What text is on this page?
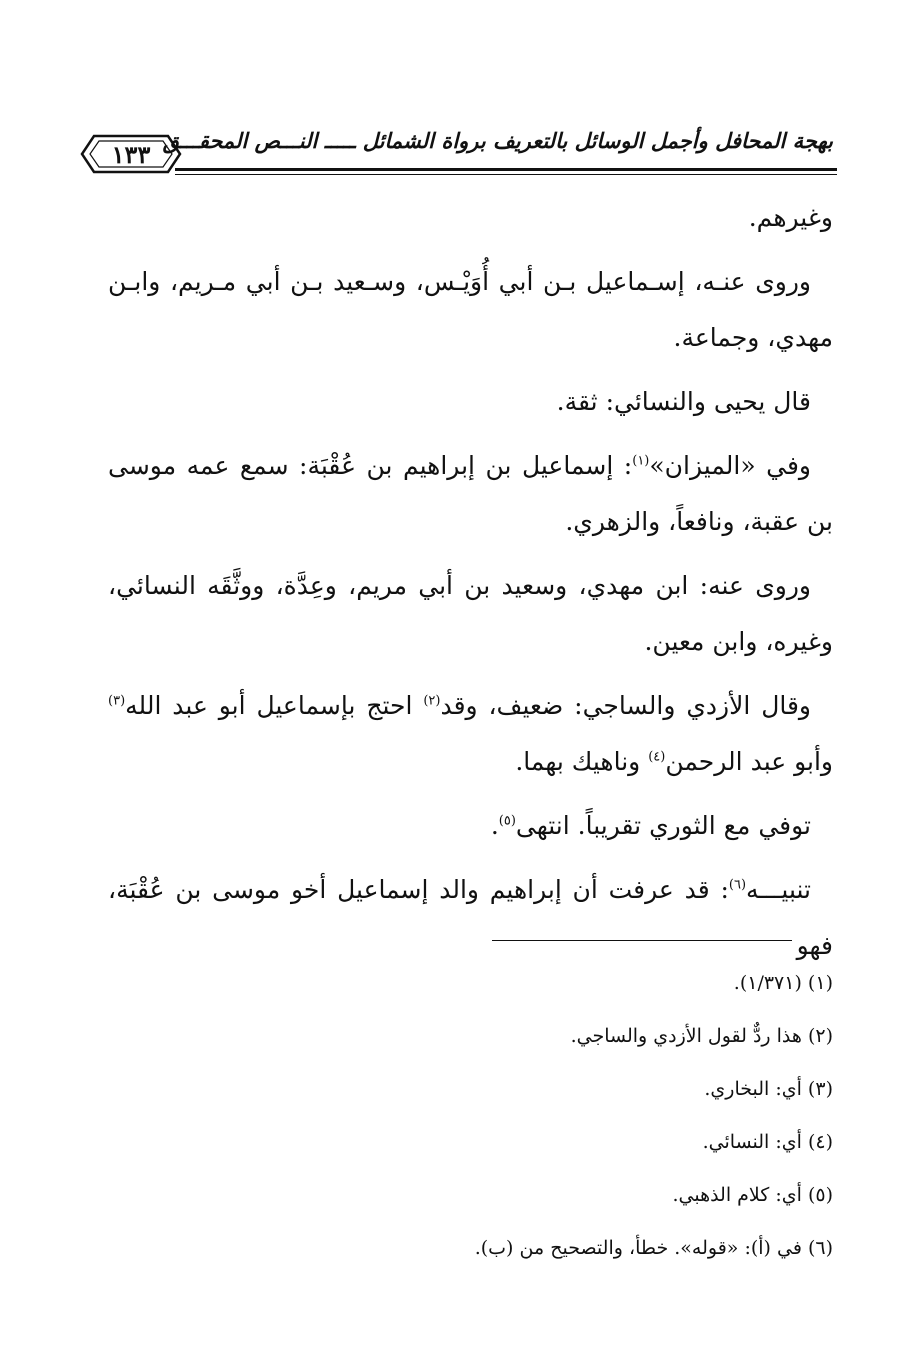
بهجة المحافل وأجمل الوسائل بالتعريف برواة الشمائل ـــــ النـــص المحقـــق
١٣٣

وغيرهم.

وروى عنـه، إسـماعيل بـن أبي أُوَيْـس، وسـعيد بـن أبي مـريم، وابـن مهدي، وجماعة.

قال يحيى والنسائي: ثقة.

وفي «الميزان»$^{(١)}$: إسماعيل بن إبراهيم بن عُقْبَة: سمع عمه موسى بن عقبة، ونافعاً، والزهري.

وروى عنه: ابن مهدي، وسعيد بن أبي مريم، وعِدَّة، ووثَّقَه النسائي، وغيره، وابن معين.

وقال الأزدي والساجي: ضعيف، وقد$^{(٢)}$ احتج بإسماعيل أبو عبد الله$^{(٣)}$ وأبو عبد الرحمن$^{(٤)}$ وناهيك بهما.

توفي مع الثوري تقريباً. انتهى$^{(٥)}$.

تنبيـــه$^{(٦)}$: قد عرفت أن إبراهيم والد إسماعيل أخو موسى بن عُقْبَة، فهو

(١) (١/٣٧١).
(٢) هذا ردٌّ لقول الأزدي والساجي.
(٣) أي: البخاري.
(٤) أي: النسائي.
(٥) أي: كلام الذهبي.
(٦) في (أ): «قوله». خطأ، والتصحيح من (ب).
